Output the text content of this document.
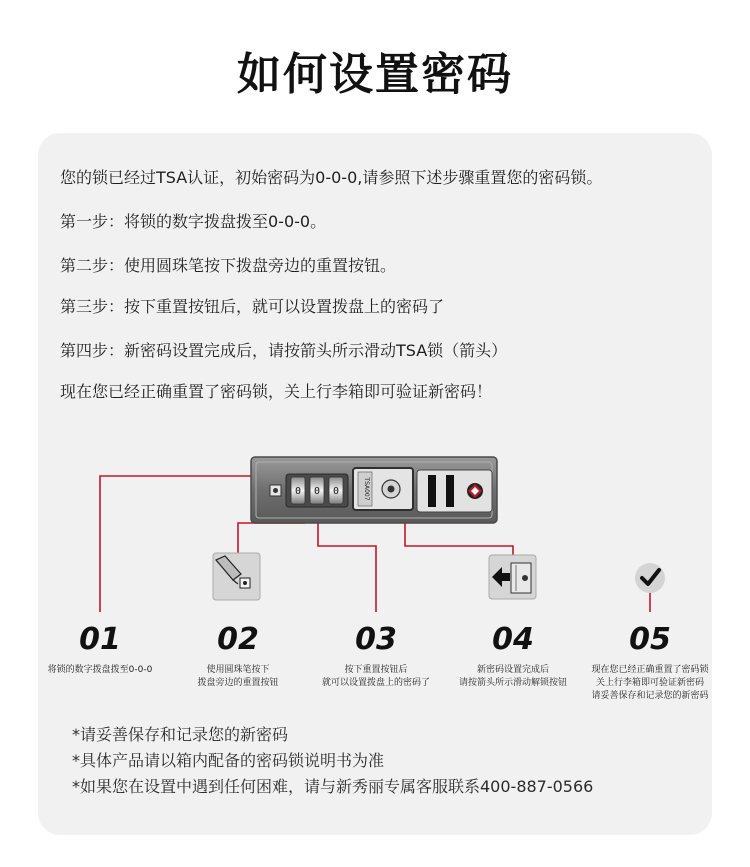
如何设置密码
您的锁已经过TSA认证，初始密码为0-0-0,请参照下述步骤重置您的密码锁。
第一步：将锁的数字拨盘拨至0-0-0。
第二步：使用圆珠笔按下拨盘旁边的重置按钮。
第三步：按下重置按钮后，就可以设置拨盘上的密码了
第四步：新密码设置完成后，请按箭头所示滑动TSA锁（箭头）
现在您已经正确重置了密码锁，关上行李箱即可验证新密码！
0 0 0	TSA007
01	02	03	04	05
将锁的数字拨盘拨至0-0-0	使用圆珠笔按下
拨盘旁边的重置按钮
按下重置按钮后
就可以设置拨盘上的密码了
新密码设置完成后
请按箭头所示滑动解锁按钮
现在您已经正确重置了密码锁
关上行李箱即可验证新密码
请妥善保存和记录您的新密码
*请妥善保存和记录您的新密码
*具体产品请以箱内配备的密码锁说明书为准
*如果您在设置中遇到任何困难，请与新秀丽专属客服联系400-887-0566
